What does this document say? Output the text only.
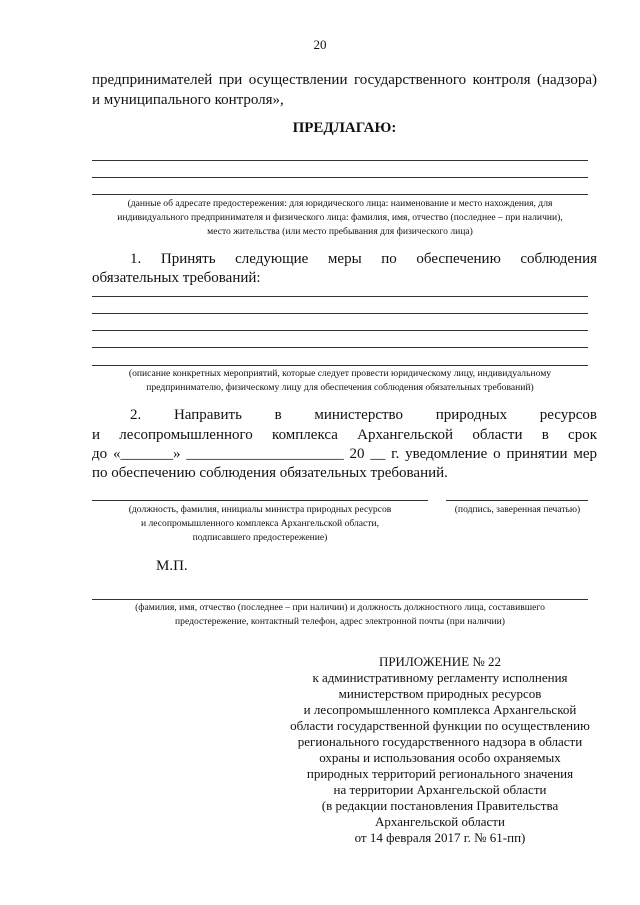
20
предпринимателей при осуществлении государственного контроля (надзора)
и муниципального контроля»,
ПРЕДЛАГАЮ:
(данные об адресате предостережения: для юридического лица: наименование и место нахождения, для
индивидуального предпринимателя и физического лица: фамилия, имя, отчество (последнее – при наличии),
место жительства (или место пребывания для физического лица)
1. Принять следующие меры по обеспечению соблюдения
обязательных требований:
(описание конкретных мероприятий, которые следует провести юридическому лицу, индивидуальному
предпринимателю, физическому лицу для обеспечения соблюдения обязательных требований)
2. Направить в министерство природных ресурсов
и лесопромышленного комплекса Архангельской области в срок
до «_______» _____________________ 20 __ г. уведомление о принятии мер
по обеспечению соблюдения обязательных требований.
(должность, фамилия, инициалы министра природных ресурсов
и лесопромышленного комплекса Архангельской области,
подписавшего предостережение)
(подпись, заверенная печатью)
М.П.
(фамилия, имя, отчество (последнее – при наличии) и должность должностного лица, составившего
предостережение, контактный телефон, адрес электронной почты (при наличии)
ПРИЛОЖЕНИЕ № 22
к административному регламенту исполнения
министерством природных ресурсов
и лесопромышленного комплекса Архангельской
области государственной функции по осуществлению
регионального государственного надзора в области
охраны и использования особо охраняемых
природных территорий регионального значения
на территории Архангельской области
(в редакции постановления Правительства
Архангельской области
от 14 февраля 2017 г. № 61-пп)
